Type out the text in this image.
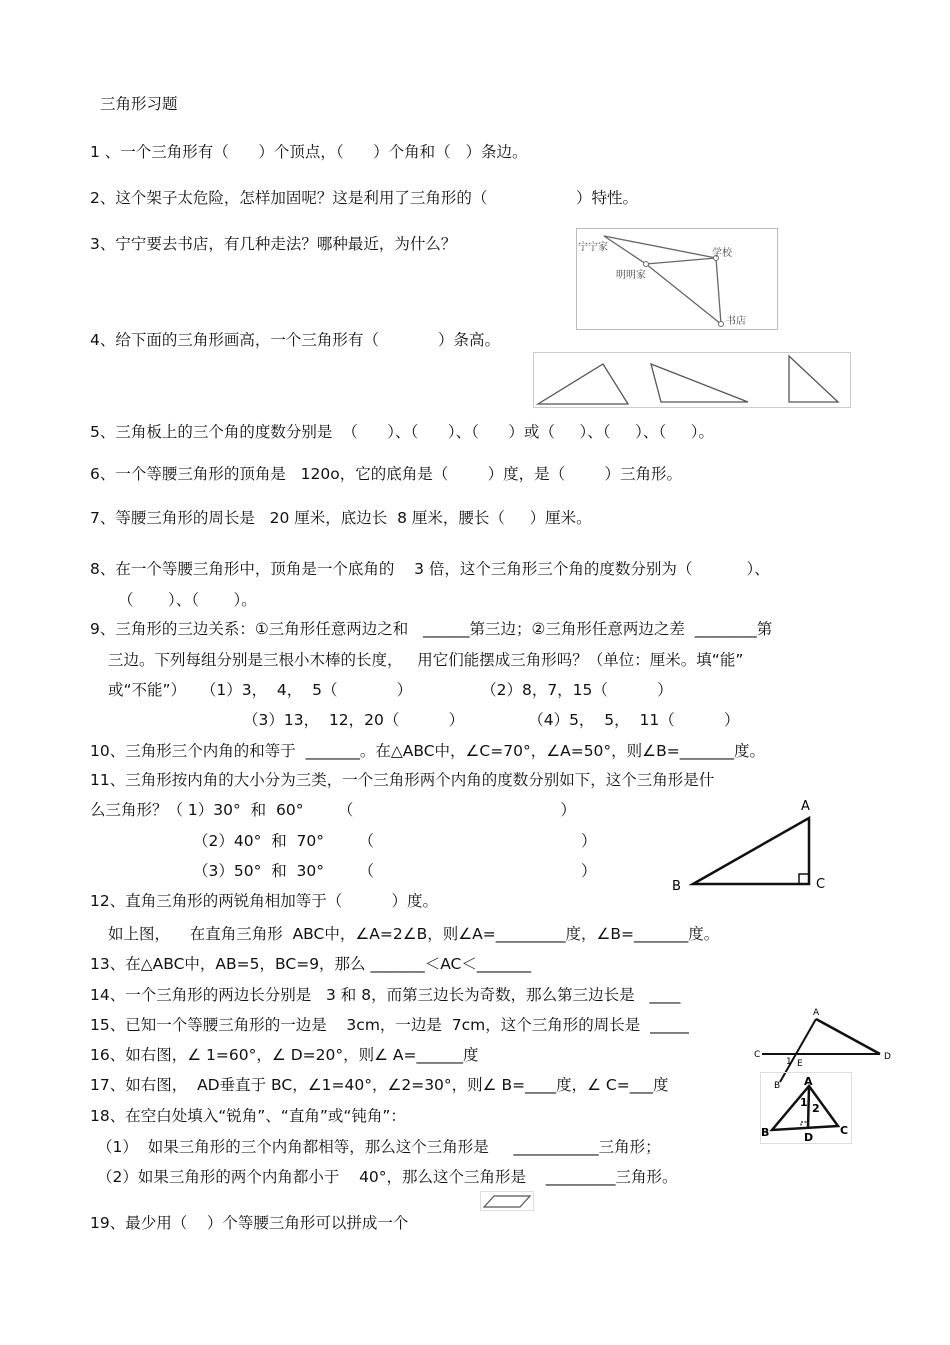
三角形习题
1 、一个三角形有（      ）个顶点，（      ）个角和（   ）条边。
2、这个架子太危险，怎样加固呢？这是利用了三角形的（                  ）特性。
3、宁宁要去书店，有几种走法？哪种最近，为什么？
4、给下面的三角形画高，一个三角形有（            ）条高。
5、三角板上的三个角的度数分别是  （      ）、（      ）、（      ）或（     ）、（     ）、（     ）。
6、一个等腰三角形的顶角是   120o，它的底角是（        ）度，是（        ）三角形。
7、等腰三角形的周长是   20 厘米，底边长  8 厘米，腰长（     ）厘米。
8、在一个等腰三角形中，顶角是一个底角的    3 倍，这个三角形三个角的度数分别为（           ）、
（       ）、（       ）。
9、三角形的三边关系：①三角形任意两边之和   ______第三边；②三角形任意两边之差  ________第
三边。下列每组分别是三根小木棒的长度，   用它们能摆成三角形吗？（单位：厘米。填“能”
或“不能”）   （1）3，  4，  5（            ）              （2）8，7，15（          ）
（3）13，  12，20（          ）             （4）5，  5，  11（          ）
10、三角形三个内角的和等于  _______。在△ABC中，∠C=70°，∠A=50°，则∠B=_______度。
11、三角形按内角的大小分为三类，一个三角形两个内角的度数分别如下，这个三角形是什
么三角形？（ 1）30°  和  60°       （                                          ）
（2）40°  和  70°       （                                          ）
（3）50°  和  30°       （                                          ）
12、直角三角形的两锐角相加等于（          ）度。
如上图，    在直角三角形  ABC中，∠A=2∠B，则∠A=_________度，∠B=_______度。
13、在△ABC中，AB=5，BC=9，那么 _______＜AC＜_______
14、一个三角形的两边长分别是   3 和 8，而第三边长为奇数，那么第三边长是   ____
15、已知一个等腰三角形的一边是    3cm，一边是  7cm，这个三角形的周长是  _____
16、如右图，∠ 1=60°，∠ D=20°，则∠ A=______度
17、如右图，  AD垂直于 BC，∠1=40°，∠2=30°，则∠ B=____度，∠ C=___度
18、在空白处填入“锐角”、“直角”或“钝角”：
（1）  如果三角形的三个内角都相等，那么这个三角形是     ___________三角形；
（2）如果三角形的两个内角都小于    40°，那么这个三角形是    _________三角形。
19、最少用（    ）个等腰三角形可以拼成一个
宁宁家
学校
明明家
书店
A
B	C
A
C	D
E
1
B A
B	C
D
1 2
